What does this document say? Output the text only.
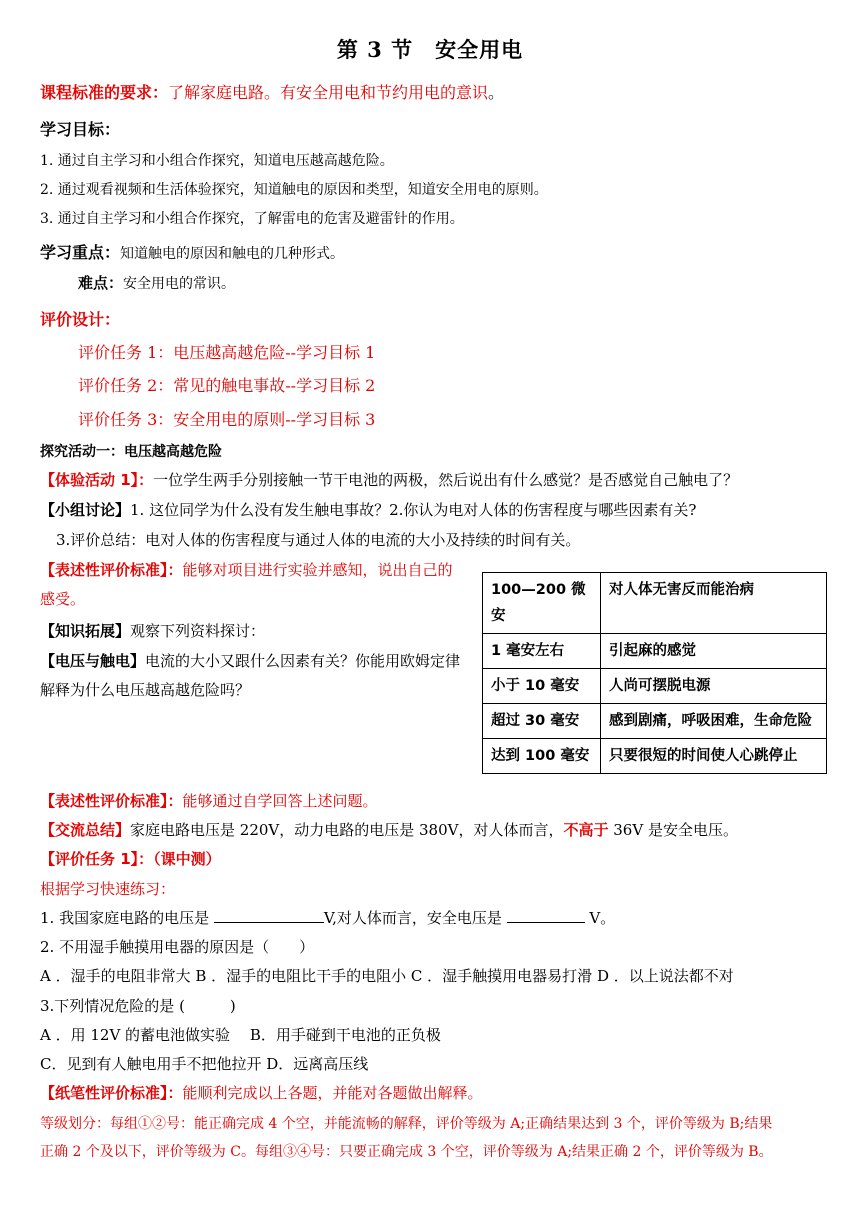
第 3 节　安全用电
课程标准的要求：了解家庭电路。有安全用电和节约用电的意识。
学习目标：
1. 通过自主学习和小组合作探究，知道电压越高越危险。
2. 通过观看视频和生活体验探究，知道触电的原因和类型，知道安全用电的原则。
3. 通过自主学习和小组合作探究，了解雷电的危害及避雷针的作用。
学习重点：知道触电的原因和触电的几种形式。
难点：安全用电的常识。
评价设计：
评价任务 1：电压越高越危险--学习目标 1
评价任务 2：常见的触电事故--学习目标 2
评价任务 3：安全用电的原则--学习目标 3
探究活动一：电压越高越危险
【体验活动 1】：一位学生两手分别接触一节干电池的两极，然后说出有什么感觉？是否感觉自己触电了？
【小组讨论】1. 这位同学为什么没有发生触电事故？2.你认为电对人体的伤害程度与哪些因素有关?
3.评价总结：电对人体的伤害程度与通过人体的电流的大小及持续的时间有关。
【表述性评价标准】：能够对项目进行实验并感知，说出自己的
感受。
【知识拓展】观察下列资料探讨：
【电压与触电】电流的大小又跟什么因素有关？你能用欧姆定律
解释为什么电压越高越危险吗？
100—200 微安	对人体无害反而能治病
1 毫安左右	引起麻的感觉
小于 10 毫安	人尚可摆脱电源
超过 30 毫安	感到剧痛，呼吸困难，生命危险
达到 100 毫安	只要很短的时间使人心跳停止
【表述性评价标准】：能够通过自学回答上述问题。
【交流总结】家庭电路电压是 220V，动力电路的电压是 380V，对人体而言，不高于 36V 是安全电压。
【评价任务 1】：（课中测）
根据学习快速练习：
1. 我国家庭电路的电压是	V,对人体而言，安全电压是	V。
2. 不用湿手触摸用电器的原因是（　　）
A ．湿手的电阻非常大 B ．湿手的电阻比干手的电阻小 C ．湿手触摸用电器易打滑 D ．以上说法都不对
3.下列情况危险的是 (　　　)
A ．用 12V 的蓄电池做实验　 B．用手碰到干电池的正负极
C．见到有人触电用手不把他拉开 D．远离高压线
【纸笔性评价标准】：能顺利完成以上各题，并能对各题做出解释。
等级划分：每组①②号：能正确完成 4 个空，并能流畅的解释，评价等级为 A;正确结果达到 3 个，评价等级为 B;结果
正确 2 个及以下，评价等级为 C。每组③④号：只要正确完成 3 个空，评价等级为 A;结果正确 2 个，评价等级为 B。
